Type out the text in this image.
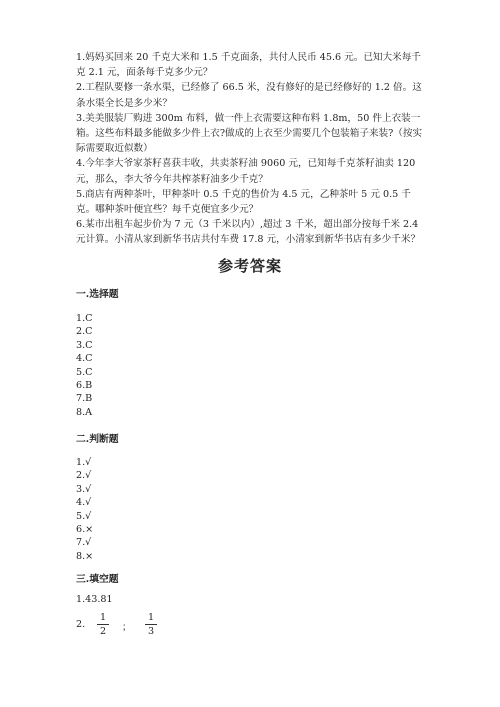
1.妈妈买回来 20 千克大米和 1.5 千克面条，共付人民币 45.6 元。已知大米每千克 2.1 元，面条每千克多少元？

2.工程队要修一条水渠，已经修了 66.5 米，没有修好的是已经修好的 1.2 倍。这条水渠全长是多少米？

3.美美服装厂购进 300m 布料，做一件上衣需要这种布料 1.8m，50 件上衣装一箱。这些布料最多能做多少件上衣?做成的上衣至少需要几个包装箱子来装?（按实际需要取近似数）

4.今年李大爷家茶籽喜获丰收，共卖茶籽油 9060 元，已知每千克茶籽油卖 120 元，那么，李大爷今年共榨茶籽油多少千克？

5.商店有两种茶叶，甲种茶叶 0.5 千克的售价为 4.5 元，乙种茶叶 5 元 0.5 千克。哪种茶叶便宜些？每千克便宜多少元？

6.某市出租车起步价为 7 元（3 千米以内）,超过 3 千米，超出部分按每千米 2.4 元计算。小清从家到新华书店共付车费 17.8 元，小清家到新华书店有多少千米？

参考答案
一.选择题
1.C
2.C
3.C
4.C
5.C
6.B
7.B
8.A
二.判断题
1.√
2.√
3.√
4.√
5.√
6.×
7.√
8.×
三.填空题
1.43.81
2.
1
2	；
1
3
